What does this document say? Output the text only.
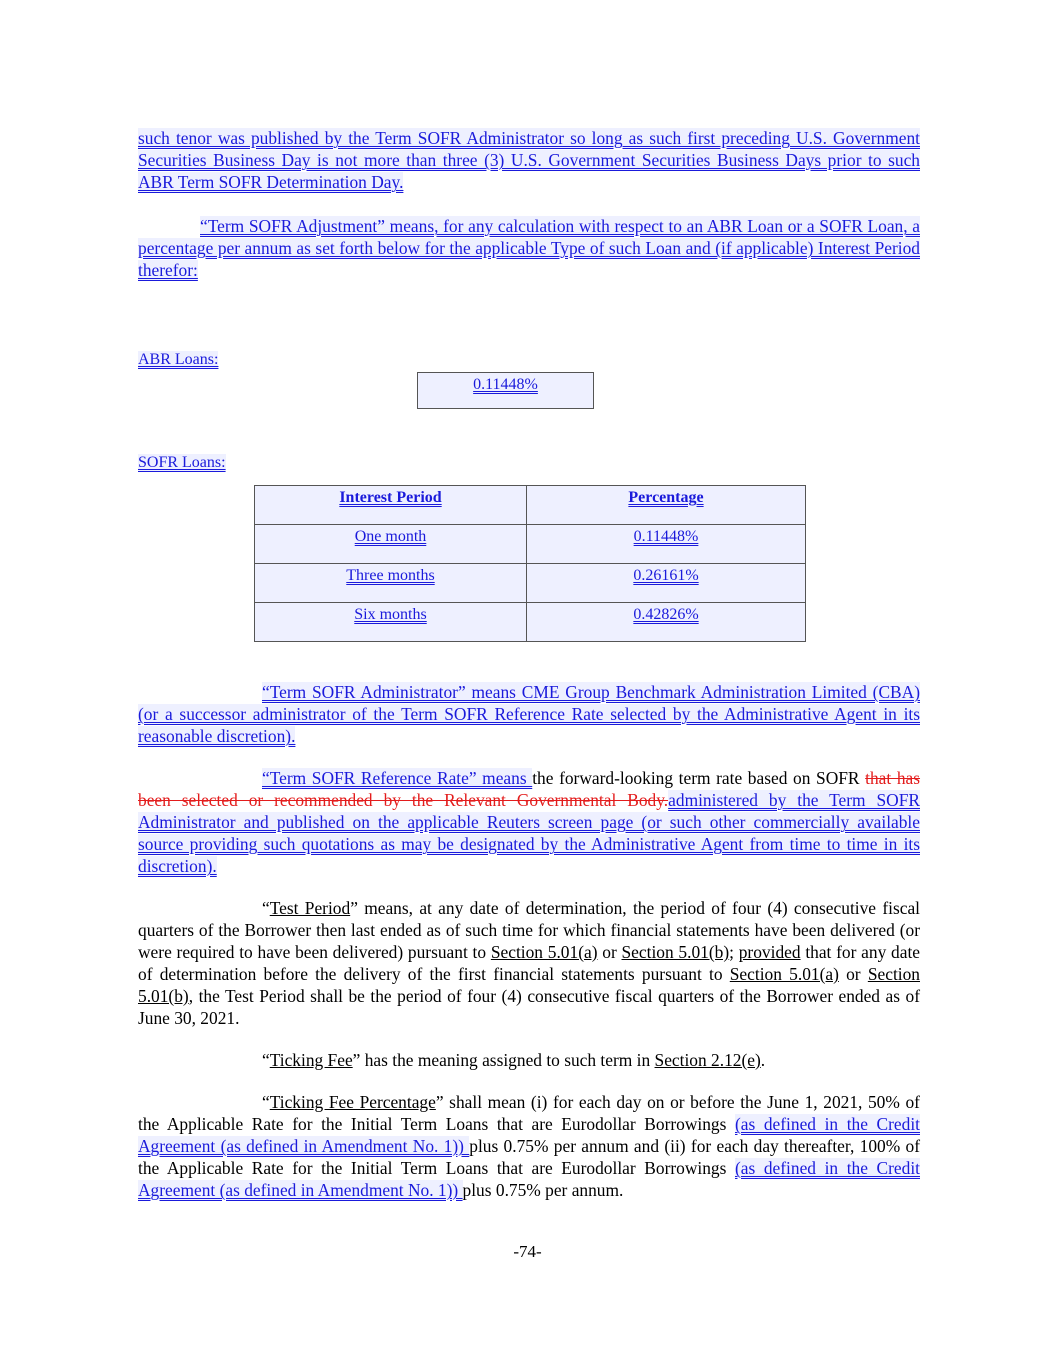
such tenor was published by the Term SOFR Administrator so long as such first preceding U.S. Government Securities Business Day is not more than three (3) U.S. Government Securities Business Days prior to such ABR Term SOFR Determination Day.

“Term SOFR Adjustment” means, for any calculation with respect to an ABR Loan or a SOFR Loan, a percentage per annum as set forth below for the applicable Type of such Loan and (if applicable) Interest Period therefor:

ABR Loans:

0.11448%
SOFR Loans:
Interest Period	Percentage
One month	0.11448%
Three months	0.26161%
Six months	0.42826%

“Term SOFR Administrator” means CME Group Benchmark Administration Limited (CBA) (or a successor administrator of the Term SOFR Reference Rate selected by the Administrative Agent in its reasonable discretion).

“Term SOFR Reference Rate” means the forward-looking term rate based on SOFR that has been selected or recommended by the Relevant Governmental Body.administered by the Term SOFR Administrator and published on the applicable Reuters screen page (or such other commercially available source providing such quotations as may be designated by the Administrative Agent from time to time in its discretion).

“Test Period” means, at any date of determination, the period of four (4) consecutive fiscal quarters of the Borrower then last ended as of such time for which financial statements have been delivered (or were required to have been delivered) pursuant to Section 5.01(a) or Section 5.01(b); provided that for any date of determination before the delivery of the first financial statements pursuant to Section 5.01(a) or Section 5.01(b), the Test Period shall be the period of four (4) consecutive fiscal quarters of the Borrower ended as of June 30, 2021.

“Ticking Fee” has the meaning assigned to such term in Section 2.12(e).

“Ticking Fee Percentage” shall mean (i) for each day on or before the June 1, 2021, 50% of the Applicable Rate for the Initial Term Loans that are Eurodollar Borrowings (as defined in the Credit Agreement (as defined in Amendment No. 1)) plus 0.75% per annum and (ii) for each day thereafter, 100% of the Applicable Rate for the Initial Term Loans that are Eurodollar Borrowings (as defined in the Credit Agreement (as defined in Amendment No. 1)) plus 0.75% per annum.

-74-
